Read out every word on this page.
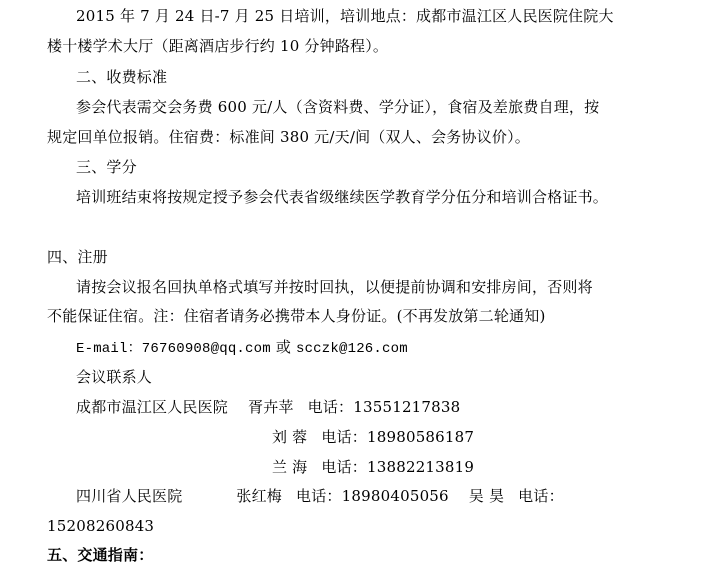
2015 年 7 月 24 日-7 月 25 日培训，培训地点：成都市温江区人民医院住院大
楼十楼学术大厅（距离酒店步行约 10 分钟路程）。
二、收费标准
参会代表需交会务费 600 元/人（含资料费、学分证），食宿及差旅费自理，按
规定回单位报销。住宿费：标准间 380 元/天/间（双人、会务协议价）。
三、学分
培训班结束将按规定授予参会代表省级继续医学教育学分伍分和培训合格证书。
四、注册
请按会议报名回执单格式填写并按时回执，以便提前协调和安排房间，否则将
不能保证住宿。注：住宿者请务必携带本人身份证。(不再发放第二轮通知)
E-mail：76760908@qq.com 或 scczk@126.com
会议联系人
成都市温江区人民医院 胥卉苹 电话：13551217838
刘 蓉 电话：18980586187
兰 海 电话：13882213819
四川省人民医院	张红梅 电话：18980405056 吴 昊 电话：
15208260843
五、交通指南：
